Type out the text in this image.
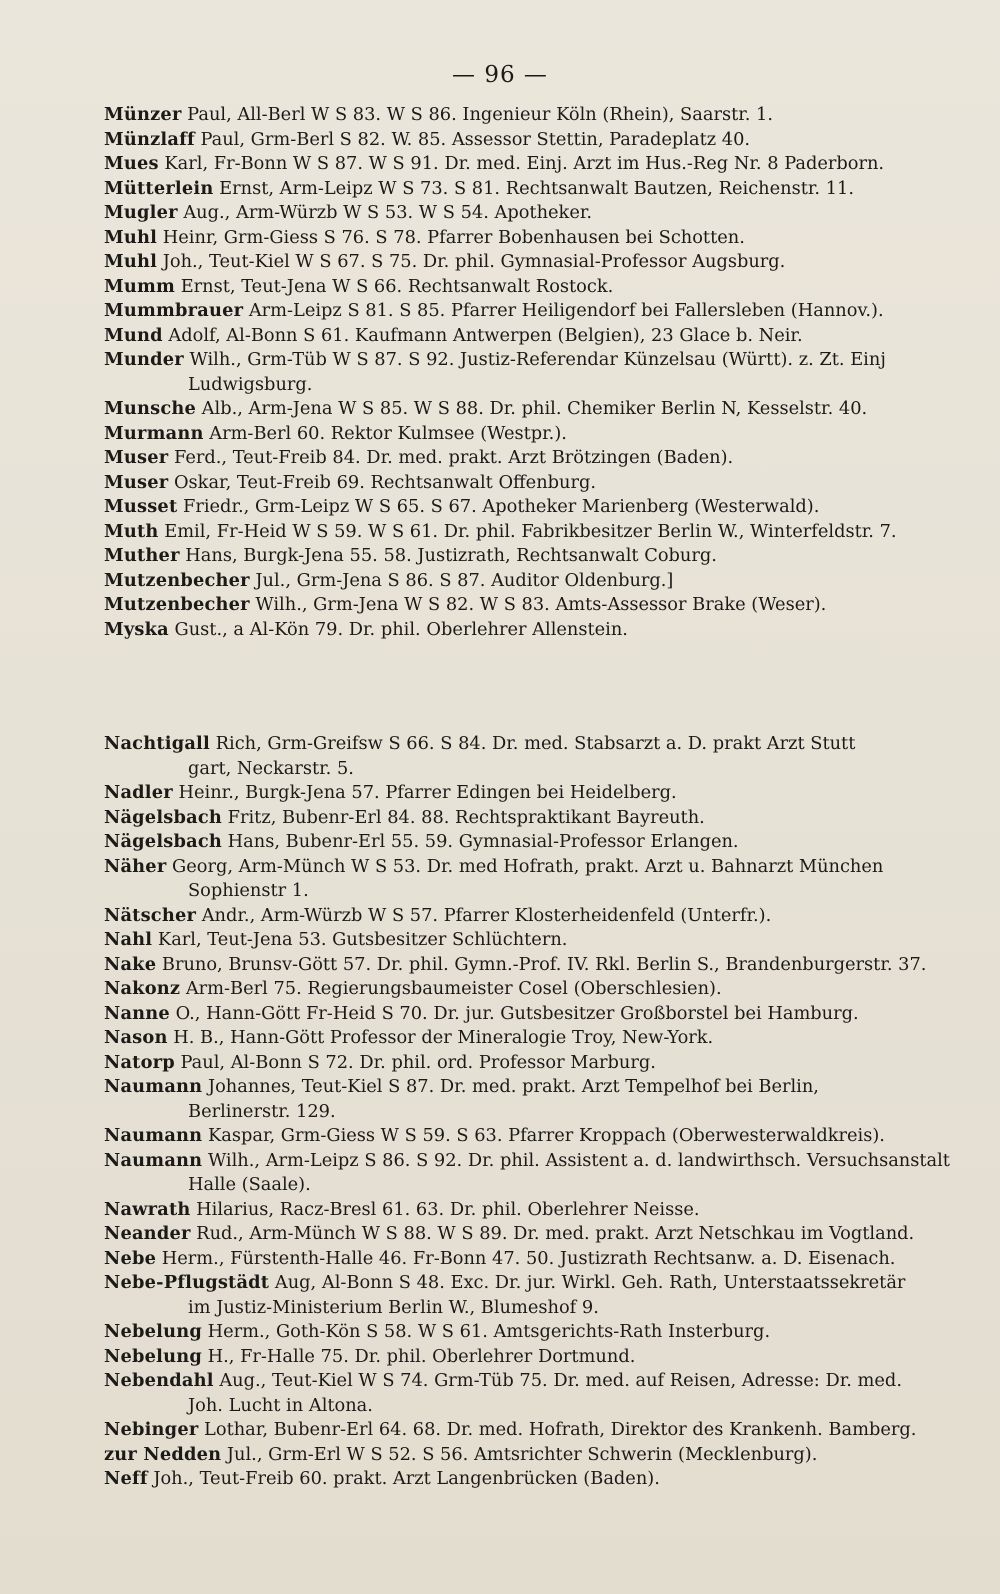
— 96 —
Münzer Paul, All-Berl W S 83. W S 86. Ingenieur Köln (Rhein), Saarstr. 1.
Münzlaff Paul, Grm-Berl S 82. W. 85. Assessor Stettin, Paradeplatz 40.
Mues Karl, Fr-Bonn W S 87. W S 91. Dr. med. Einj. Arzt im Hus.-Reg Nr. 8 Paderborn.
Mütterlein Ernst, Arm-Leipz W S 73. S 81. Rechtsanwalt Bautzen, Reichenstr. 11.
Mugler Aug., Arm-Würzb W S 53. W S 54. Apotheker.
Muhl Heinr, Grm-Giess S 76. S 78. Pfarrer Bobenhausen bei Schotten.
Muhl Joh., Teut-Kiel W S 67. S 75. Dr. phil. Gymnasial-Professor Augsburg.
Mumm Ernst, Teut-Jena W S 66. Rechtsanwalt Rostock.
Mummbrauer Arm-Leipz S 81. S 85. Pfarrer Heiligendorf bei Fallersleben (Hannov.).
Mund Adolf, Al-Bonn S 61. Kaufmann Antwerpen (Belgien), 23 Glace b. Neir.
Munder Wilh., Grm-Tüb W S 87. S 92. Justiz-Referendar Künzelsau (Württ). z. Zt. Einj
Ludwigsburg.
Munsche Alb., Arm-Jena W S 85. W S 88. Dr. phil. Chemiker Berlin N, Kesselstr. 40.
Murmann Arm-Berl 60. Rektor Kulmsee (Westpr.).
Muser Ferd., Teut-Freib 84. Dr. med. prakt. Arzt Brötzingen (Baden).
Muser Oskar, Teut-Freib 69. Rechtsanwalt Offenburg.
Musset Friedr., Grm-Leipz W S 65. S 67. Apotheker Marienberg (Westerwald).
Muth Emil, Fr-Heid W S 59. W S 61. Dr. phil. Fabrikbesitzer Berlin W., Winterfeldstr. 7.
Muther Hans, Burgk-Jena 55. 58. Justizrath, Rechtsanwalt Coburg.
Mutzenbecher Jul., Grm-Jena S 86. S 87. Auditor Oldenburg.]
Mutzenbecher Wilh., Grm-Jena W S 82. W S 83. Amts-Assessor Brake (Weser).
Myska Gust., a Al-Kön 79. Dr. phil. Oberlehrer Allenstein.
Nachtigall Rich, Grm-Greifsw S 66. S 84. Dr. med. Stabsarzt a. D. prakt Arzt Stutt
gart, Neckarstr. 5.
Nadler Heinr., Burgk-Jena 57. Pfarrer Edingen bei Heidelberg.
Nägelsbach Fritz, Bubenr-Erl 84. 88. Rechtspraktikant Bayreuth.
Nägelsbach Hans, Bubenr-Erl 55. 59. Gymnasial-Professor Erlangen.
Näher Georg, Arm-Münch W S 53. Dr. med Hofrath, prakt. Arzt u. Bahnarzt München
Sophienstr 1.
Nätscher Andr., Arm-Würzb W S 57. Pfarrer Klosterheidenfeld (Unterfr.).
Nahl Karl, Teut-Jena 53. Gutsbesitzer Schlüchtern.
Nake Bruno, Brunsv-Gött 57. Dr. phil. Gymn.-Prof. IV. Rkl. Berlin S., Brandenburgerstr. 37.
Nakonz Arm-Berl 75. Regierungsbaumeister Cosel (Oberschlesien).
Nanne O., Hann-Gött Fr-Heid S 70. Dr. jur. Gutsbesitzer Großborstel bei Hamburg.
Nason H. B., Hann-Gött Professor der Mineralogie Troy, New-York.
Natorp Paul, Al-Bonn S 72. Dr. phil. ord. Professor Marburg.
Naumann Johannes, Teut-Kiel S 87. Dr. med. prakt. Arzt Tempelhof bei Berlin,
Berlinerstr. 129.
Naumann Kaspar, Grm-Giess W S 59. S 63. Pfarrer Kroppach (Oberwesterwaldkreis).
Naumann Wilh., Arm-Leipz S 86. S 92. Dr. phil. Assistent a. d. landwirthsch. Versuchsanstalt
Halle (Saale).
Nawrath Hilarius, Racz-Bresl 61. 63. Dr. phil. Oberlehrer Neisse.
Neander Rud., Arm-Münch W S 88. W S 89. Dr. med. prakt. Arzt Netschkau im Vogtland.
Nebe Herm., Fürstenth-Halle 46. Fr-Bonn 47. 50. Justizrath Rechtsanw. a. D. Eisenach.
Nebe-Pflugstädt Aug, Al-Bonn S 48. Exc. Dr. jur. Wirkl. Geh. Rath, Unterstaatssekretär
im Justiz-Ministerium Berlin W., Blumeshof 9.
Nebelung Herm., Goth-Kön S 58. W S 61. Amtsgerichts-Rath Insterburg.
Nebelung H., Fr-Halle 75. Dr. phil. Oberlehrer Dortmund.
Nebendahl Aug., Teut-Kiel W S 74. Grm-Tüb 75. Dr. med. auf Reisen, Adresse: Dr. med.
Joh. Lucht in Altona.
Nebinger Lothar, Bubenr-Erl 64. 68. Dr. med. Hofrath, Direktor des Krankenh. Bamberg.
zur Nedden Jul., Grm-Erl W S 52. S 56. Amtsrichter Schwerin (Mecklenburg).
Neff Joh., Teut-Freib 60. prakt. Arzt Langenbrücken (Baden).
